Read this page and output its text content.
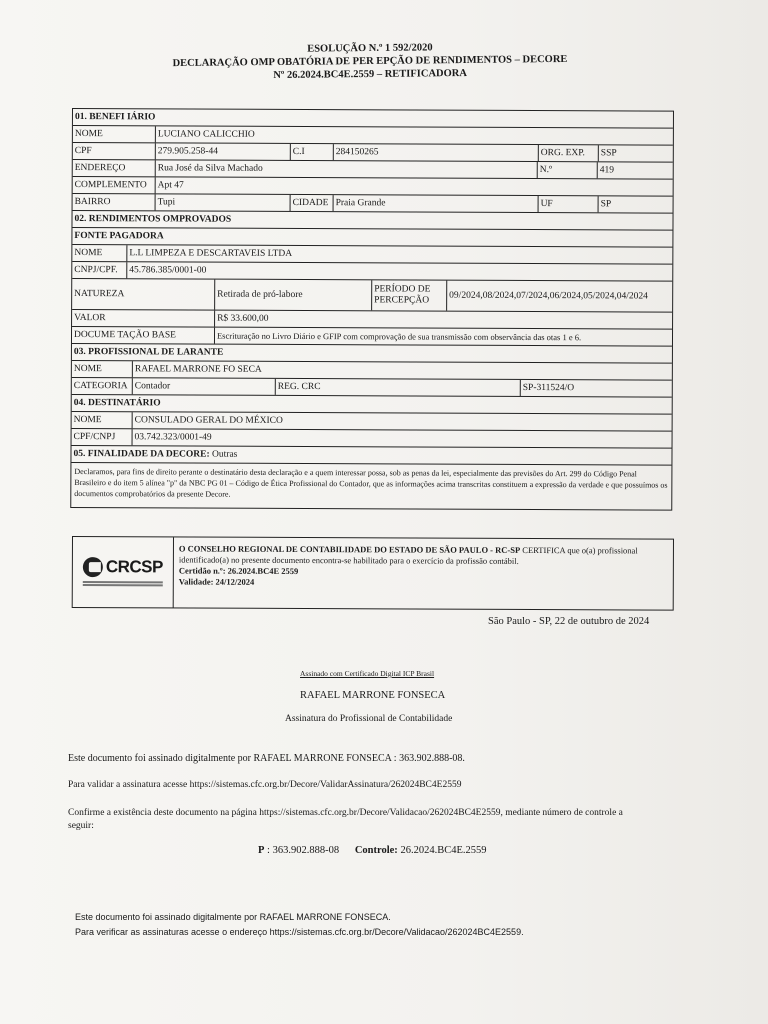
ESOLUÇÃO N.º 1 592/2020
DECLARAÇÃO OMP OBATÓRIA DE PER EPÇÃO DE RENDIMENTOS – DECORE
Nº 26.2024.BC4E.2559 – RETIFICADORA
01. BENEFI IÁRIO
NOME	LUCIANO CALICCHIO
CPF	279.905.258-44	C.I	284150265	ORG. EXP.	SSP
ENDEREÇO	Rua José da Silva Machado	N.º	419
COMPLEMENTO	Apt 47
BAIRRO	Tupi	CIDADE Praia Grande	UF	SP
02. RENDIMENTOS OMPROVADOS
FONTE PAGADORA
NOME	L.L LIMPEZA E DESCARTAVEIS LTDA
CNPJ/CPF.	45.786.385/0001-00
NATUREZA	Retirada de pró-labore
PERÍODO DE PERCEPÇÃO	09/2024,08/2024,07/2024,06/2024,05/2024,04/2024
VALOR	R$ 33.600,00
DOCUME TAÇÃO BASE	Escrituração no Livro Diário e GFIP com comprovação de sua transmissão com observância das otas 1 e 6.
03. PROFISSIONAL DE LARANTE
NOME	RAFAEL MARRONE FO SECA
CATEGORIA Contador	REG. CRC	SP-311524/O
04. DESTINATÁRIO
NOME	CONSULADO GERAL DO MÉXICO
CPF/CNPJ	03.742.323/0001-49
05. FINALIDADE DA DECORE:
Outras
Declaramos, para fins de direito perante o destinatário desta declaração e a quem interessar possa, sob as penas da lei, especialmente das previsões do Art. 299 do Código Penal Brasileiro e do item 5 alínea "p" da NBC PG 01 – Código de Ética Profissional do Contador, que as informações acima transcritas constituem a expressão da verdade e que possuímos os documentos comprobatórios da presente Decore.
CRCSP
O CONSELHO REGIONAL DE CONTABILIDADE DO ESTADO DE SÃO PAULO - RC-SP CERTIFICA que o(a) profissional identificado(a) no presente documento encontra-se habilitado para o exercício da profissão contábil.
Certidão n.º: 26.2024.BC4E 2559
Validade: 24/12/2024
São Paulo - SP, 22 de outubro de 2024
Assinado com Certificado Digital ICP Brasil
RAFAEL MARRONE FONSECA
Assinatura do Profissional de Contabilidade
Este documento foi assinado digitalmente por RAFAEL MARRONE FONSECA : 363.902.888-08.
Para validar a assinatura acesse https://sistemas.cfc.org.br/Decore/ValidarAssinatura/262024BC4E2559
Confirme a existência deste documento na página https://sistemas.cfc.org.br/Decore/Validacao/262024BC4E2559, mediante número de controle a
seguir:
P : 363.902.888-08 Controle: 26.2024.BC4E.2559
Este documento foi assinado digitalmente por RAFAEL MARRONE FONSECA.
Para verificar as assinaturas acesse o endereço https://sistemas.cfc.org.br/Decore/Validacao/262024BC4E2559.
